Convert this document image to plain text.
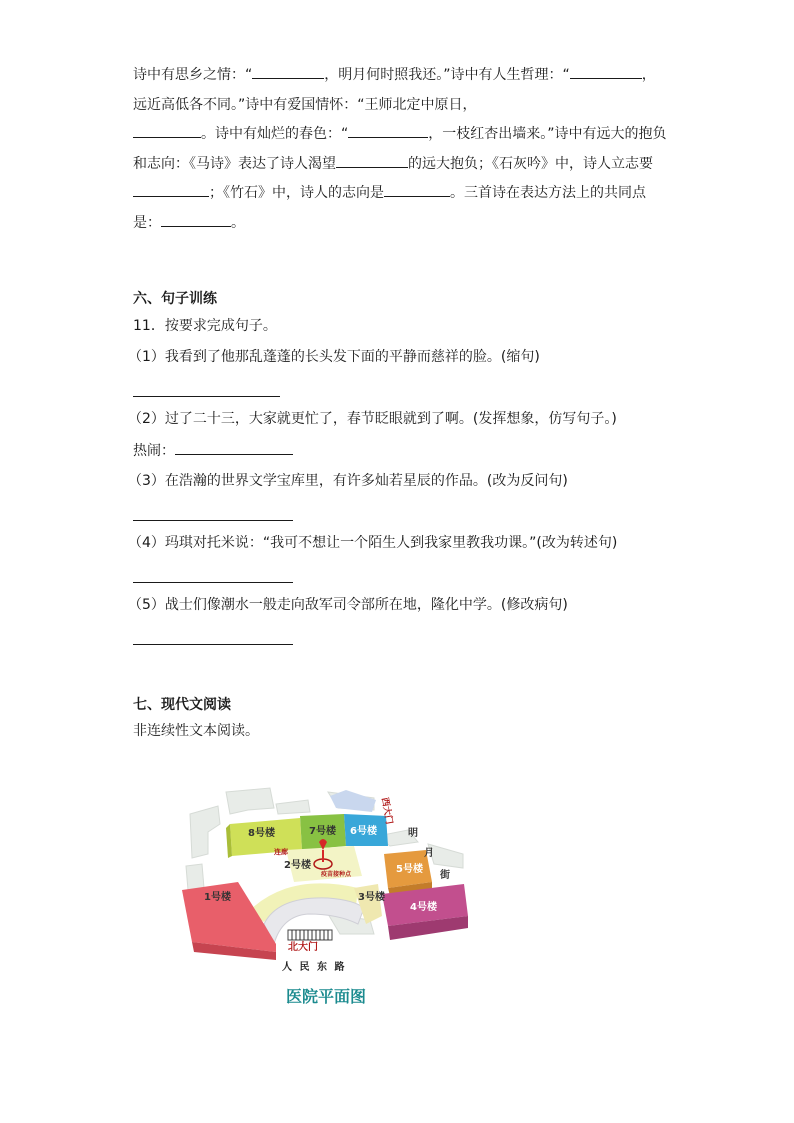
诗中有思乡之情：“	，明月何时照我还。”诗中有人生哲理：“	，
远近高低各不同。”诗中有爱国情怀：“王师北定中原日，
。诗中有灿烂的春色：“	，一枝红杏出墙来。”诗中有远大的抱负和志向：《马诗》表达了诗人渴望	的远大抱负；《石灰吟》中，诗人立志要；《竹石》中，诗人的志向是	。三首诗在表达方法上的共同点是：	。
六、句子训练
11．按要求完成句子。
（1）我看到了他那乱蓬蓬的长头发下面的平静而慈祥的脸。(缩句)
（2）过了二十三，大家就更忙了，春节眨眼就到了啊。(发挥想象，仿写句子。)
热闹：
（3）在浩瀚的世界文学宝库里，有许多灿若星辰的作品。(改为反问句)
（4）玛琪对托米说：“我可不想让一个陌生人到我家里教我功课。”(改为转述句)
（5）战士们像潮水一般走向敌军司令部所在地，隆化中学。(修改病句)
七、现代文阅读
非连续性文本阅读。
8号楼	7号楼 6号楼
2号楼	5号楼
4号楼
3号楼
1号楼
连廊
疫苗接种点
北大门
西大门
明
月
街
人 民 东 路
医院平面图
